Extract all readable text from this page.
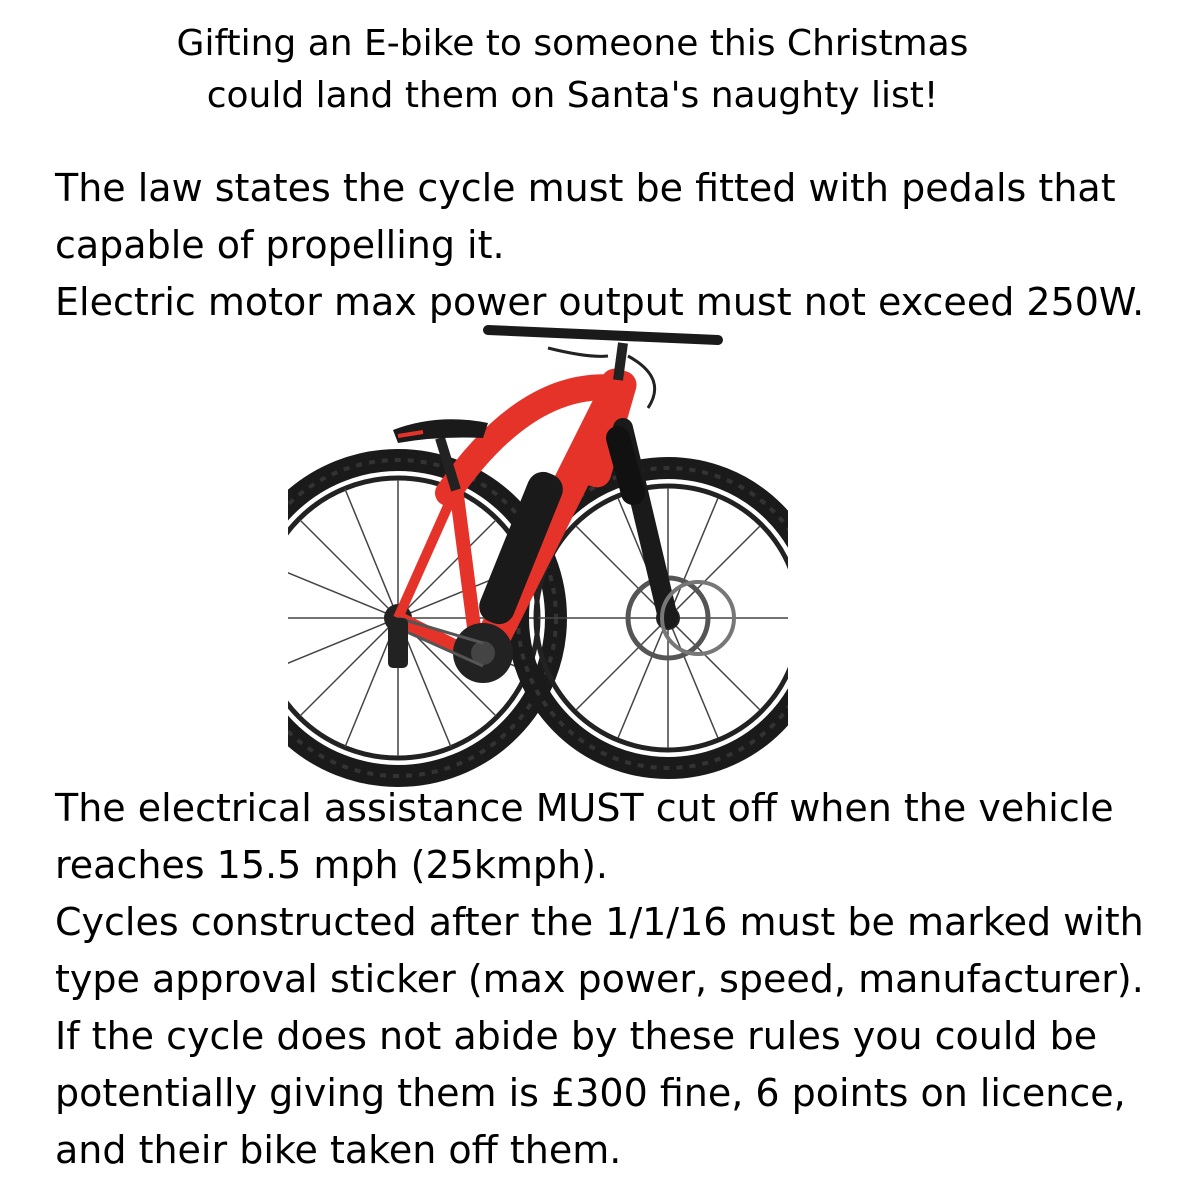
Gifting an E-bike to someone this Christmas
could land them on Santa's naughty list!
The law states the cycle must be fitted with pedals that
capable of propelling it.
Electric motor max power output must not exceed 250W.
The electrical assistance MUST cut off when the vehicle
reaches 15.5 mph (25kmph).
Cycles constructed after the 1/1/16 must be marked with
type approval sticker (max power, speed, manufacturer).
If the cycle does not abide by these rules you could be
potentially giving them is £300 fine, 6 points on licence,
and their bike taken off them.
